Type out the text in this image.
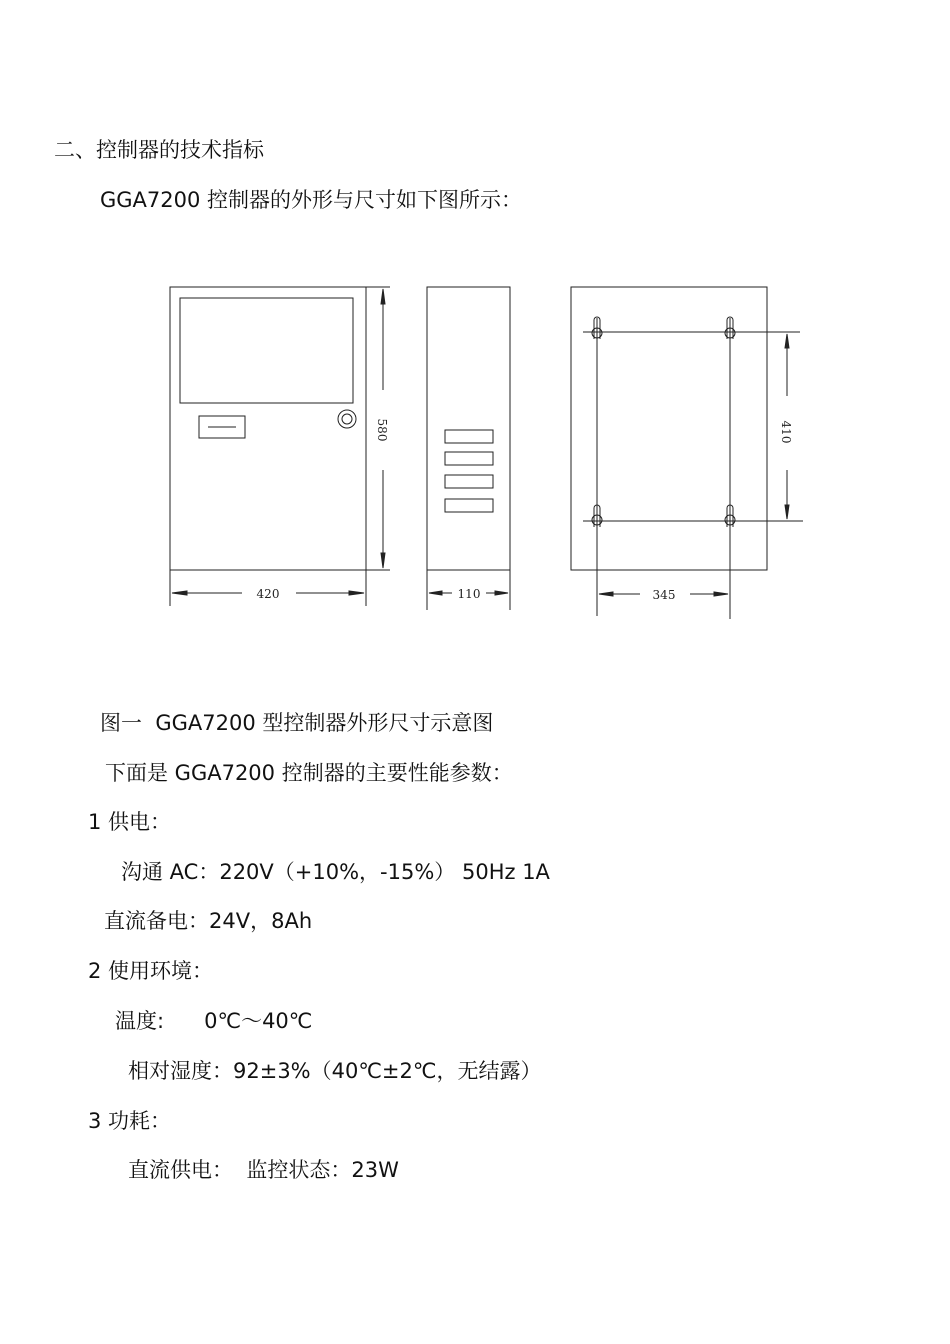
二、控制器的技术指标
GGA7200 控制器的外形与尺寸如下图所示：
580
420	110
410
345
图一  GGA7200 型控制器外形尺寸示意图
下面是 GGA7200 控制器的主要性能参数：
1 供电：
沟通 AC：220V（+10%，-15%） 50Hz 1A
直流备电：24V，8Ah
2 使用环境：
温度:      0℃～40℃
相对湿度：92±3%（40℃±2℃，无结露）
3 功耗：
直流供电：  监控状态：23W
